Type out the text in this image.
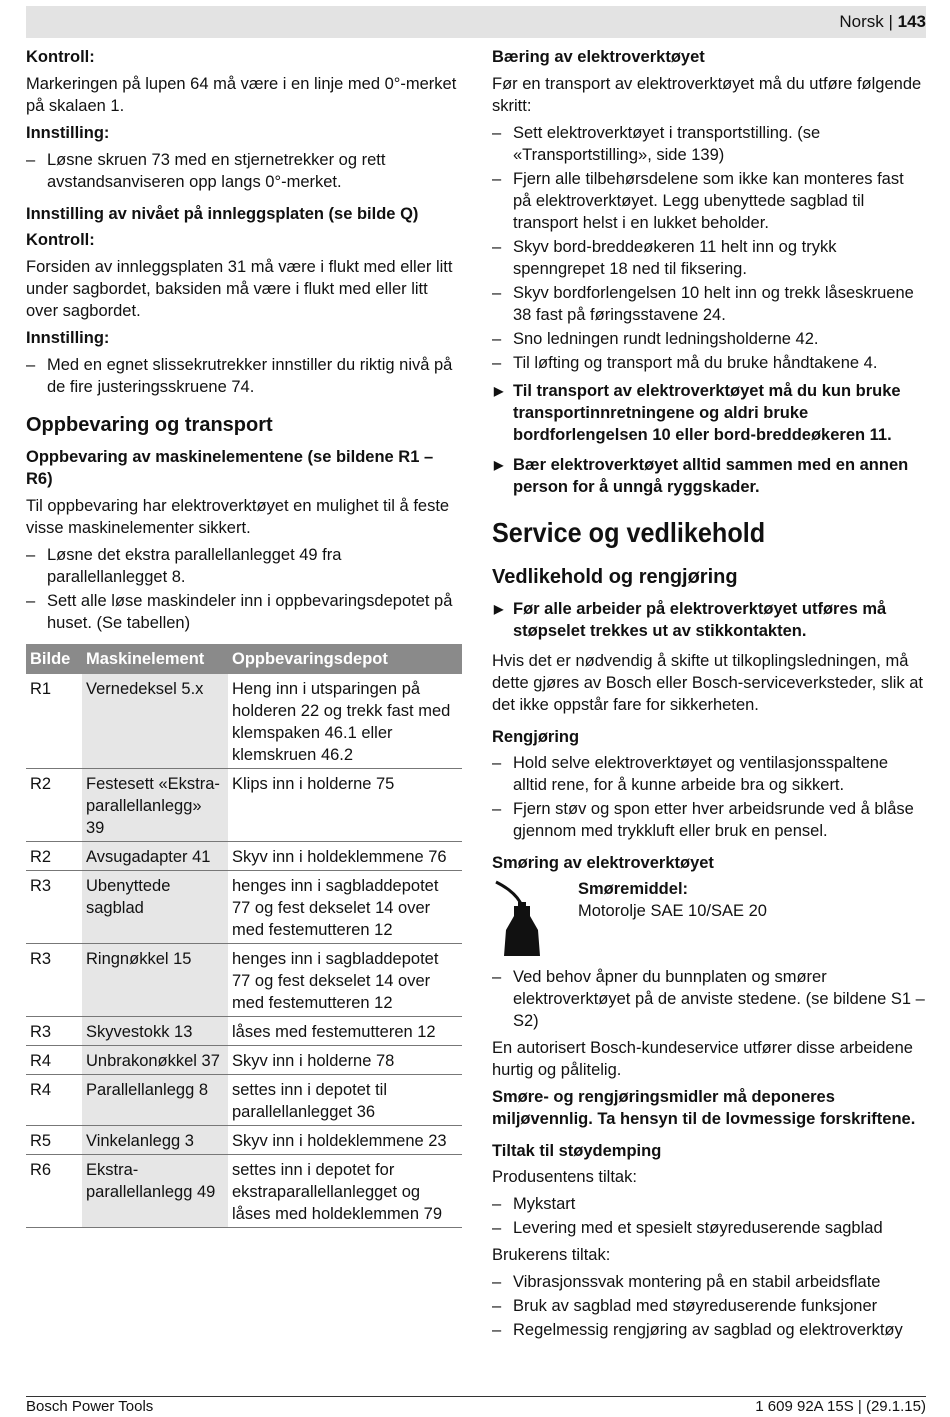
Norsk | 143

Kontroll:

Markeringen på lupen 64 må være i en linje med 0°-merket på skalaen 1.

Innstilling:

– Løsne skruen 73 med en stjernetrekker og rett avstandsanviseren opp langs 0°-merket.

Innstilling av nivået på innleggsplaten (se bilde Q)

Kontroll:

Forsiden av innleggsplaten 31 må være i flukt med eller litt under sagbordet, baksiden må være i flukt med eller litt over sagbordet.

Innstilling:

– Med en egnet slissekrutrekker innstiller du riktig nivå på de fire justeringsskruene 74.
Oppbevaring og transport

Oppbevaring av maskinelementene (se bildene R1 – R6)

Til oppbevaring har elektroverktøyet en mulighet til å feste visse maskinelementer sikkert.

– Løsne det ekstra parallellanlegget 49 fra parallellanlegget 8.
– Sett alle løse maskindeler inn i oppbevaringsdepotet på huset. (Se tabellen)
Bilde	Maskinelement	Oppbevaringsdepot
R1	Vernedeksel 5.x	Heng inn i utsparingen på holderen 22 og trekk fast med klemspaken 46.1 eller klemskruen 46.2
R2	Festesett «Ekstra-parallellanlegg» 39	Klips inn i holderne 75
R2	Avsugadapter 41	Skyv inn i holdeklemmene 76
R3	Ubenyttede sagblad	henges inn i sagbladdepotet 77 og fest dekselet 14 over med festemutteren 12
R3	Ringnøkkel 15	henges inn i sagbladdepotet 77 og fest dekselet 14 over med festemutteren 12
R3	Skyvestokk 13	låses med festemutteren 12
R4	Unbrakonøkkel 37	Skyv inn i holderne 78
R4	Parallellanlegg 8	settes inn i depotet til parallellanlegget 36
R5	Vinkelanlegg 3	Skyv inn i holdeklemmene 23
R6	Ekstra-parallellanlegg 49	settes inn i depotet for ekstraparallellanlegget og låses med holdeklemmen 79

Bæring av elektroverktøyet

Før en transport av elektroverktøyet må du utføre følgende skritt:

– Sett elektroverktøyet i transportstilling. (se «Transportstilling», side 139)
– Fjern alle tilbehørsdelene som ikke kan monteres fast på elektroverktøyet. Legg ubenyttede sagblad til transport helst i en lukket beholder.
– Skyv bord-breddeøkeren 11 helt inn og trykk spenngrepet 18 ned til fiksering.
– Skyv bordforlengelsen 10 helt inn og trekk låseskruene 38 fast på føringsstavene 24.
– Sno ledningen rundt ledningsholderne 42.
– Til løfting og transport må du bruke håndtakene 4.
▶ Til transport av elektroverktøyet må du kun bruke transportinnretningene og aldri bruke bordforlengelsen 10 eller bord-breddeøkeren 11.
▶ Bær elektroverktøyet alltid sammen med en annen person for å unngå ryggskader.
Service og vedlikehold
Vedlikehold og rengjøring
▶ Før alle arbeider på elektroverktøyet utføres må støpselet trekkes ut av stikkontakten.

Hvis det er nødvendig å skifte ut tilkoplingsledningen, må dette gjøres av Bosch eller Bosch-serviceverksteder, slik at det ikke oppstår fare for sikkerheten.

Rengjøring

– Hold selve elektroverktøyet og ventilasjonsspaltene alltid rene, for å kunne arbeide bra og sikkert.
– Fjern støv og spon etter hver arbeidsrunde ved å blåse gjennom med trykkluft eller bruk en pensel.

Smøring av elektroverktøyet

Smøremiddel:
Motorolje SAE 10/SAE 20
– Ved behov åpner du bunnplaten og smører elektroverktøyet på de anviste stedene. (se bildene S1 – S2)

En autorisert Bosch-kundeservice utfører disse arbeidene hurtig og pålitelig.

Smøre- og rengjøringsmidler må deponeres miljøvennlig. Ta hensyn til de lovmessige forskriftene.

Tiltak til støydemping

Produsentens tiltak:

– Mykstart
– Levering med et spesielt støyreduserende sagblad

Brukerens tiltak:

– Vibrasjonssvak montering på en stabil arbeidsflate
– Bruk av sagblad med støyreduserende funksjoner
– Regelmessig rengjøring av sagblad og elektroverktøy
Bosch Power Tools	1 609 92A 15S | (29.1.15)
